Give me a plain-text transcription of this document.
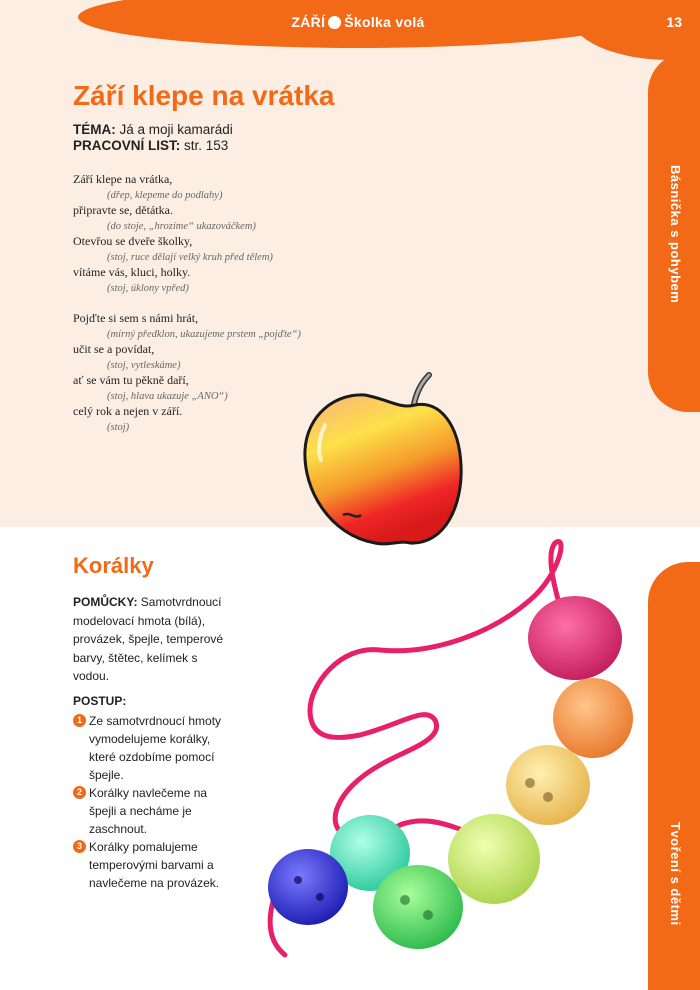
ZÁŘÍ Školka volá	13
Básnička s pohybem
Tvoření s dětmi
Září klepe na vrátka
TÉMA: Já a moji kamarádi
PRACOVNÍ LIST: str. 153
Září klepe na vrátka,
(dřep, klepeme do podlahy)
připravte se, dětátka.
(do stoje, „hrozíme“ ukazováčkem)
Otevřou se dveře školky,
(stoj, ruce dělají velký kruh před tělem)
vítáme vás, kluci, holky.
(stoj, úklony vpřed)
Pojďte si sem s námi hrát,
(mírný předklon, ukazujeme prstem „pojďte“)
učit se a povídat,
(stoj, vytleskáme)
ať se vám tu pěkně daří,
(stoj, hlava ukazuje „ANO“)
celý rok a nejen v září.
(stoj)
Korálky
POMŮCKY: Samotvrdnoucí modelovací hmota (bílá), provázek, špejle, temperové barvy, štětec, kelímek s vodou.
POSTUP:
1 Ze samotvrdnoucí hmoty vymodelujeme korálky, které ozdobíme pomocí špejle.
2 Korálky navlečeme na špejli a necháme je zaschnout.
3 Korálky pomalujeme temperovými barvami a navlečeme na provázek.
